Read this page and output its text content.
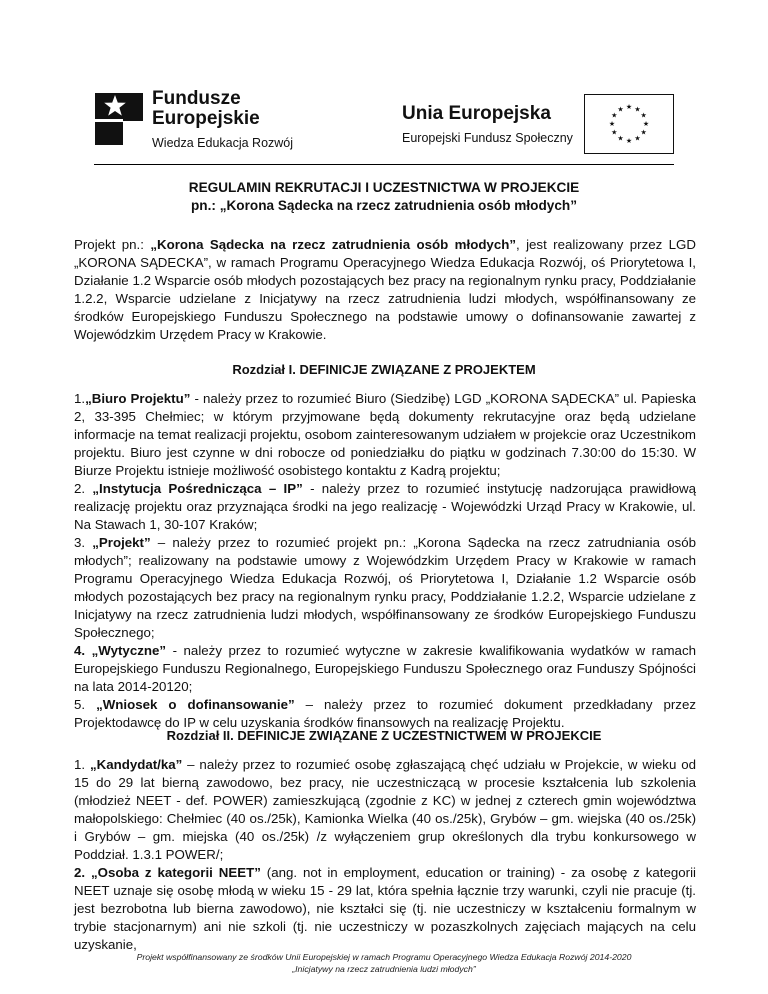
Fundusze
Europejskie
Wiedza Edukacja Rozwój
Unia Europejska
Europejski Fundusz Społeczny
★ ★
★
★
★
★
★
★
★
★
★
★
REGULAMIN REKRUTACJI I UCZESTNICTWA W PROJEKCIE
pn.: „Korona Sądecka na rzecz zatrudnienia osób młodych”
Projekt pn.: „Korona Sądecka na rzecz zatrudnienia osób młodych”, jest realizowany przez LGD „KORONA SĄDECKA”, w ramach Programu Operacyjnego Wiedza Edukacja Rozwój, oś Priorytetowa I, Działanie 1.2 Wsparcie osób młodych pozostających bez pracy na regionalnym rynku pracy, Poddziałanie 1.2.2, Wsparcie udzielane z Inicjatywy na rzecz zatrudnienia ludzi młodych, współfinansowany ze środków Europejskiego Funduszu Społecznego na podstawie umowy o dofinansowanie zawartej z Wojewódzkim Urzędem Pracy w Krakowie.
Rozdział I. DEFINICJE ZWIĄZANE Z PROJEKTEM

1.„Biuro Projektu” - należy przez to rozumieć Biuro (Siedzibę) LGD „KORONA SĄDECKA” ul. Papieska 2, 33-395 Chełmiec; w którym przyjmowane będą dokumenty rekrutacyjne oraz będą udzielane informacje na temat realizacji projektu, osobom zainteresowanym udziałem w projekcie oraz Uczestnikom projektu. Biuro jest czynne w dni robocze od poniedziałku do piątku w godzinach 7.30:00 do 15:30. W Biurze Projektu istnieje możliwość osobistego kontaktu z Kadrą projektu;

2. „Instytucja Pośrednicząca – IP” - należy przez to rozumieć instytucję nadzorująca prawidłową realizację projektu oraz przyznająca środki na jego realizację - Wojewódzki Urząd Pracy w Krakowie, ul. Na Stawach 1, 30-107 Kraków;

3. „Projekt” – należy przez to rozumieć projekt pn.: „Korona Sądecka na rzecz zatrudniania osób młodych”; realizowany na podstawie umowy z Wojewódzkim Urzędem Pracy w Krakowie w ramach Programu Operacyjnego Wiedza Edukacja Rozwój, oś Priorytetowa I, Działanie 1.2 Wsparcie osób młodych pozostających bez pracy na regionalnym rynku pracy, Poddziałanie 1.2.2, Wsparcie udzielane z Inicjatywy na rzecz zatrudnienia ludzi młodych, współfinansowany ze środków Europejskiego Funduszu Społecznego;

4. „Wytyczne” - należy przez to rozumieć wytyczne w zakresie kwalifikowania wydatków w ramach Europejskiego Funduszu Regionalnego, Europejskiego Funduszu Społecznego oraz Funduszy Spójności na lata 2014-20120;

5. „Wniosek o dofinansowanie” – należy przez to rozumieć dokument przedkładany przez Projektodawcę do IP w celu uzyskania środków finansowych na realizację Projektu.

Rozdział II. DEFINICJE ZWIĄZANE Z UCZESTNICTWEM W PROJEKCIE

1. „Kandydat/ka” – należy przez to rozumieć osobę zgłaszającą chęć udziału w Projekcie, w wieku od 15 do 29 lat bierną zawodowo, bez pracy, nie uczestniczącą w procesie kształcenia lub szkolenia (młodzież NEET - def. POWER) zamieszkującą (zgodnie z KC) w jednej z czterech gmin województwa małopolskiego: Chełmiec (40 os./25k), Kamionka Wielka (40 os./25k), Grybów – gm. wiejska (40 os./25k) i Grybów – gm. miejska (40 os./25k) /z wyłączeniem grup określonych dla trybu konkursowego w Poddział. 1.3.1 POWER/;

2. „Osoba z kategorii NEET” (ang. not in employment, education or training) - za osobę z kategorii NEET uznaje się osobę młodą w wieku 15 - 29 lat, która spełnia łącznie trzy warunki, czyli nie pracuje (tj. jest bezrobotna lub bierna zawodowo), nie kształci się (tj. nie uczestniczy w kształceniu formalnym w trybie stacjonarnym) ani nie szkoli (tj. nie uczestniczy w pozaszkolnych zajęciach mających na celu uzyskanie,

Projekt współfinansowany ze środków Unii Europejskiej w ramach Programu Operacyjnego Wiedza Edukacja Rozwój 2014-2020
„Inicjatywy na rzecz zatrudnienia ludzi młodych”
